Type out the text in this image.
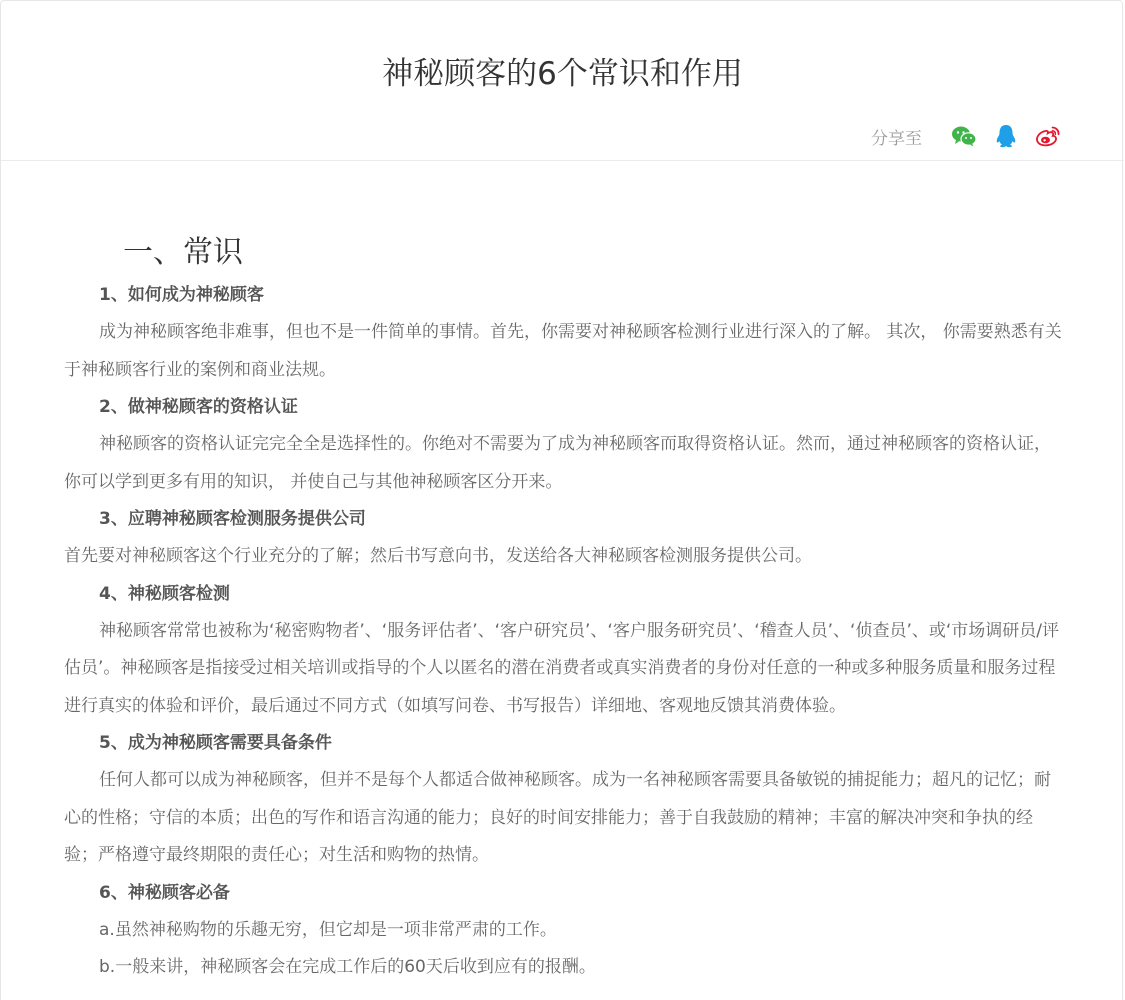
神秘顾客的6个常识和作用
分享至
一、常识

1、如何成为神秘顾客

成为神秘顾客绝非难事，但也不是一件简单的事情。首先，你需要对神秘顾客检测行业进行深入的了解。 其次， 你需要熟悉有关于神秘顾客行业的案例和商业法规。

2、做神秘顾客的资格认证

神秘顾客的资格认证完完全全是选择性的。你绝对不需要为了成为神秘顾客而取得资格认证。然而，通过神秘顾客的资格认证，你可以学到更多有用的知识， 并使自己与其他神秘顾客区分开来。

3、应聘神秘顾客检测服务提供公司

首先要对神秘顾客这个行业充分的了解；然后书写意向书，发送给各大神秘顾客检测服务提供公司。

4、神秘顾客检测

神秘顾客常常也被称为‘秘密购物者’、‘服务评估者’、‘客户研究员’、‘客户服务研究员’、‘稽查人员’、‘侦查员’、或‘市场调研员/评估员’。神秘顾客是指接受过相关培训或指导的个人以匿名的潜在消费者或真实消费者的身份对任意的一种或多种服务质量和服务过程进行真实的体验和评价，最后通过不同方式（如填写问卷、书写报告）详细地、客观地反馈其消费体验。

5、成为神秘顾客需要具备条件

任何人都可以成为神秘顾客，但并不是每个人都适合做神秘顾客。成为一名神秘顾客需要具备敏锐的捕捉能力；超凡的记忆；耐心的性格；守信的本质；出色的写作和语言沟通的能力；良好的时间安排能力；善于自我鼓励的精神；丰富的解决冲突和争执的经验；严格遵守最终期限的责任心；对生活和购物的热情。

6、神秘顾客必备

a.虽然神秘购物的乐趣无穷，但它却是一项非常严肃的工作。

b.一般来讲，神秘顾客会在完成工作后的60天后收到应有的报酬。
